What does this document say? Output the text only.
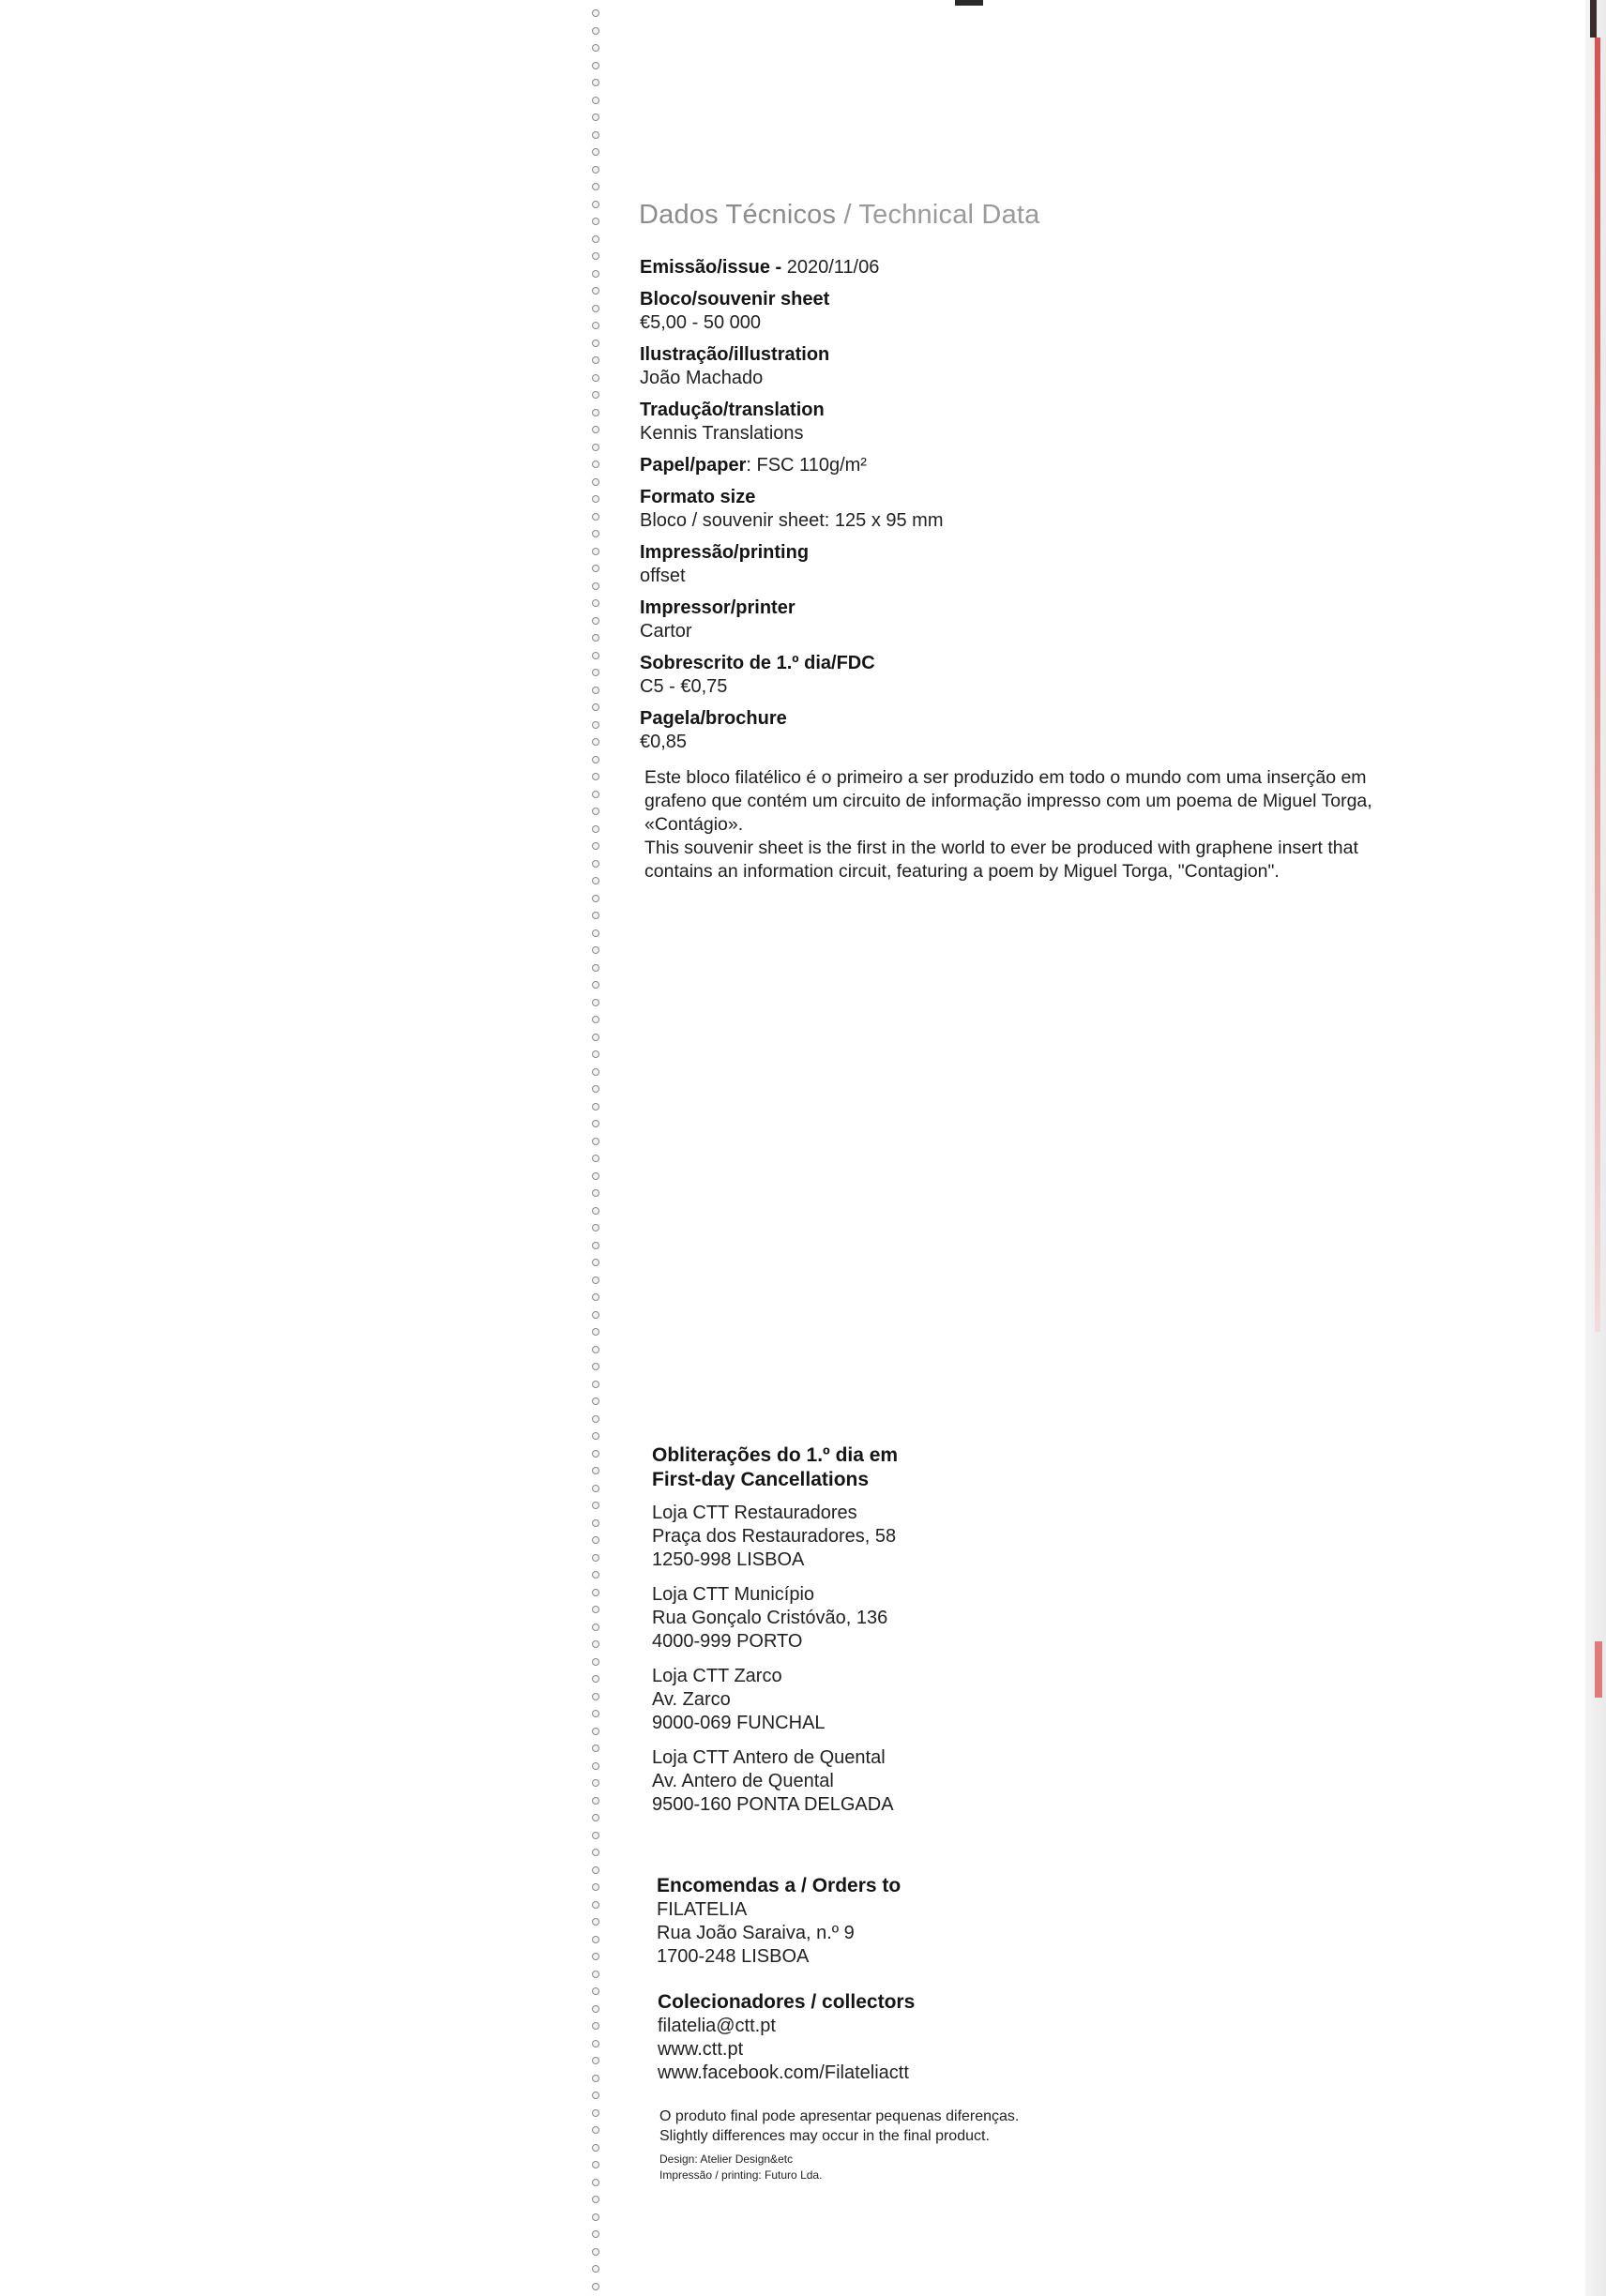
Dados Técnicos / Technical Data
Emissão/issue - 2020/11/06
Bloco/souvenir sheet
€5,00 - 50 000
Ilustração/illustration
João Machado
Tradução/translation
Kennis Translations
Papel/paper: FSC 110g/m²
Formato size
Bloco / souvenir sheet: 125 x 95 mm
Impressão/printing
offset
Impressor/printer
Cartor
Sobrescrito de 1.º dia/FDC
C5 - €0,75
Pagela/brochure
€0,85
Este bloco filatélico é o primeiro a ser produzido em todo o mundo com uma inserção em
grafeno que contém um circuito de informação impresso com um poema de Miguel Torga,
«Contágio».
This souvenir sheet is the first in the world to ever be produced with graphene insert that
contains an information circuit, featuring a poem by Miguel Torga, "Contagion".
Obliterações do 1.º dia em
First-day Cancellations
Loja CTT Restauradores
Praça dos Restauradores, 58
1250-998 LISBOA
Loja CTT Município
Rua Gonçalo Cristóvão, 136
4000-999 PORTO
Loja CTT Zarco
Av. Zarco
9000-069 FUNCHAL
Loja CTT Antero de Quental
Av. Antero de Quental
9500-160 PONTA DELGADA
Encomendas a / Orders to
FILATELIA
Rua João Saraiva, n.º 9
1700-248 LISBOA
Colecionadores / collectors
filatelia@ctt.pt
www.ctt.pt
www.facebook.com/Filateliactt
O produto final pode apresentar pequenas diferenças.
Slightly differences may occur in the final product.
Design: Atelier Design&etc
Impressão / printing: Futuro Lda.
